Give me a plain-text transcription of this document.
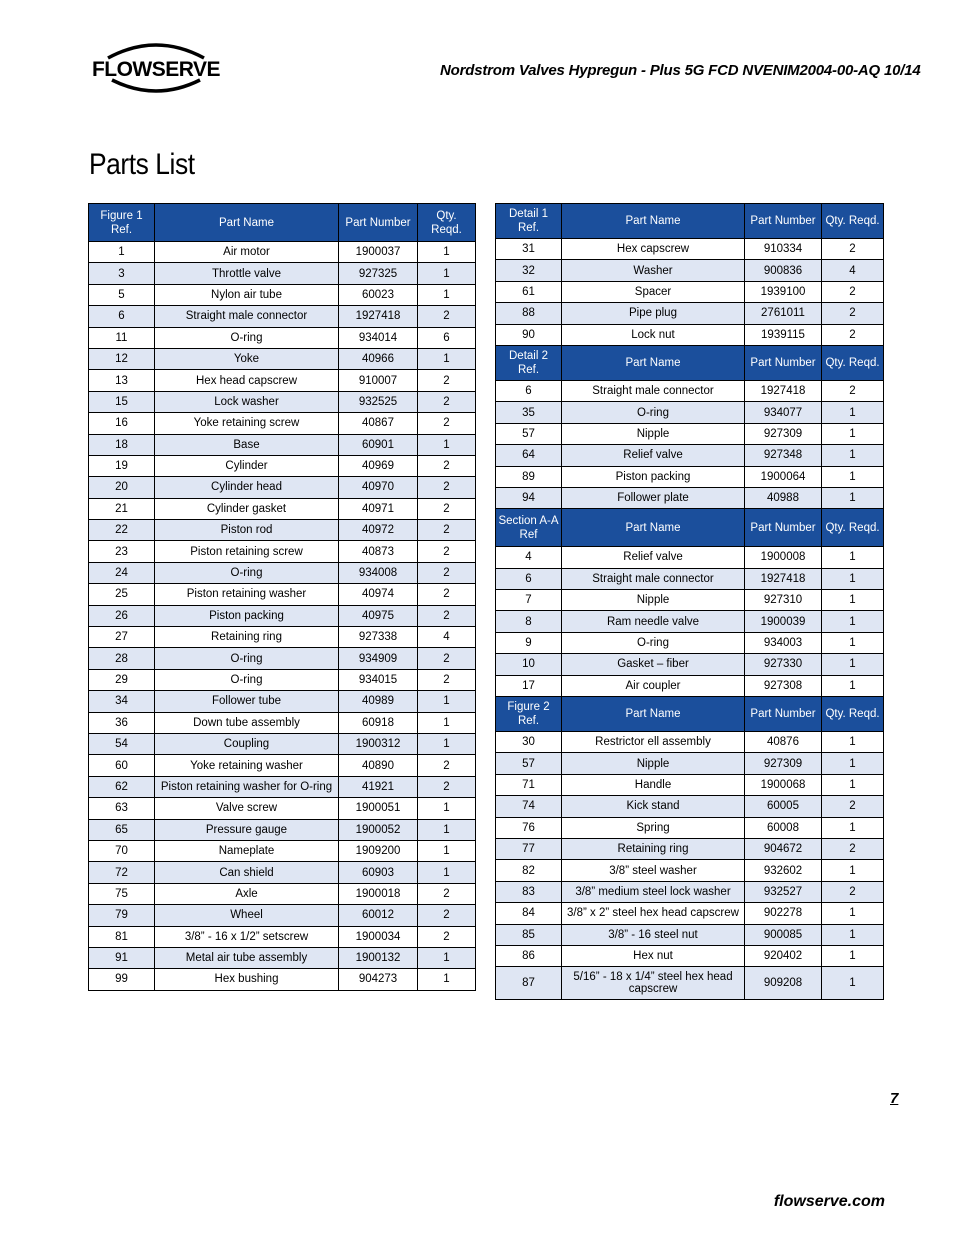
FLOWSERVE	Nordstrom Valves Hypregun - Plus 5G FCD NVENIM2004-00-AQ 10/14
Parts List
Figure 1 Ref.	Part Name	Part Number	Qty. Reqd.
1	Air motor	1900037	1
3	Throttle valve	927325	1
5	Nylon air tube	60023	1
6	Straight male connector	1927418	2
11	O-ring	934014	6
12	Yoke	40966	1
13	Hex head capscrew	910007	2
15	Lock washer	932525	2
16	Yoke retaining screw	40867	2
18	Base	60901	1
19	Cylinder	40969	2
20	Cylinder head	40970	2
21	Cylinder gasket	40971	2
22	Piston rod	40972	2
23	Piston retaining screw	40873	2
24	O-ring	934008	2
25	Piston retaining washer	40974	2
26	Piston packing	40975	2
27	Retaining ring	927338	4
28	O-ring	934909	2
29	O-ring	934015	2
34	Follower tube	40989	1
36	Down tube assembly	60918	1
54	Coupling	1900312	1
60	Yoke retaining washer	40890	2
62	Piston retaining washer for O-ring	41921	2
63	Valve screw	1900051	1
65	Pressure gauge	1900052	1
70	Nameplate	1909200	1
72	Can shield	60903	1
75	Axle	1900018	2
79	Wheel	60012	2
81	3/8” - 16 x 1/2” setscrew	1900034	2
91	Metal air tube assembly	1900132	1
99	Hex bushing	904273	1
Detail 1 Ref.	Part Name	Part Number	Qty. Reqd.
31	Hex capscrew	910334	2
32	Washer	900836	4
61	Spacer	1939100	2
88	Pipe plug	2761011	2
90	Lock nut	1939115	2
Detail 2 Ref.	Part Name	Part Number	Qty. Reqd.
6	Straight male connector	1927418	2
35	O-ring	934077	1
57	Nipple	927309	1
64	Relief valve	927348	1
89	Piston packing	1900064	1
94	Follower plate	40988	1
Section A-A Ref	Part Name	Part Number	Qty. Reqd.
4	Relief valve	1900008	1
6	Straight male connector	1927418	1
7	Nipple	927310	1
8	Ram needle valve	1900039	1
9	O-ring	934003	1
10	Gasket – fiber	927330	1
17	Air coupler	927308	1
Figure 2 Ref.	Part Name	Part Number	Qty. Reqd.
30	Restrictor ell assembly	40876	1
57	Nipple	927309	1
71	Handle	1900068	1
74	Kick stand	60005	2
76	Spring	60008	1
77	Retaining ring	904672	2
82	3/8” steel washer	932602	1
83	3/8” medium steel lock washer	932527	2
84	3/8” x 2” steel hex head capscrew	902278	1
85	3/8” - 16 steel nut	900085	1
86	Hex nut	920402	1
87	5/16” - 18 x 1/4” steel hex head capscrew	909208	1
7
flowserve.com
